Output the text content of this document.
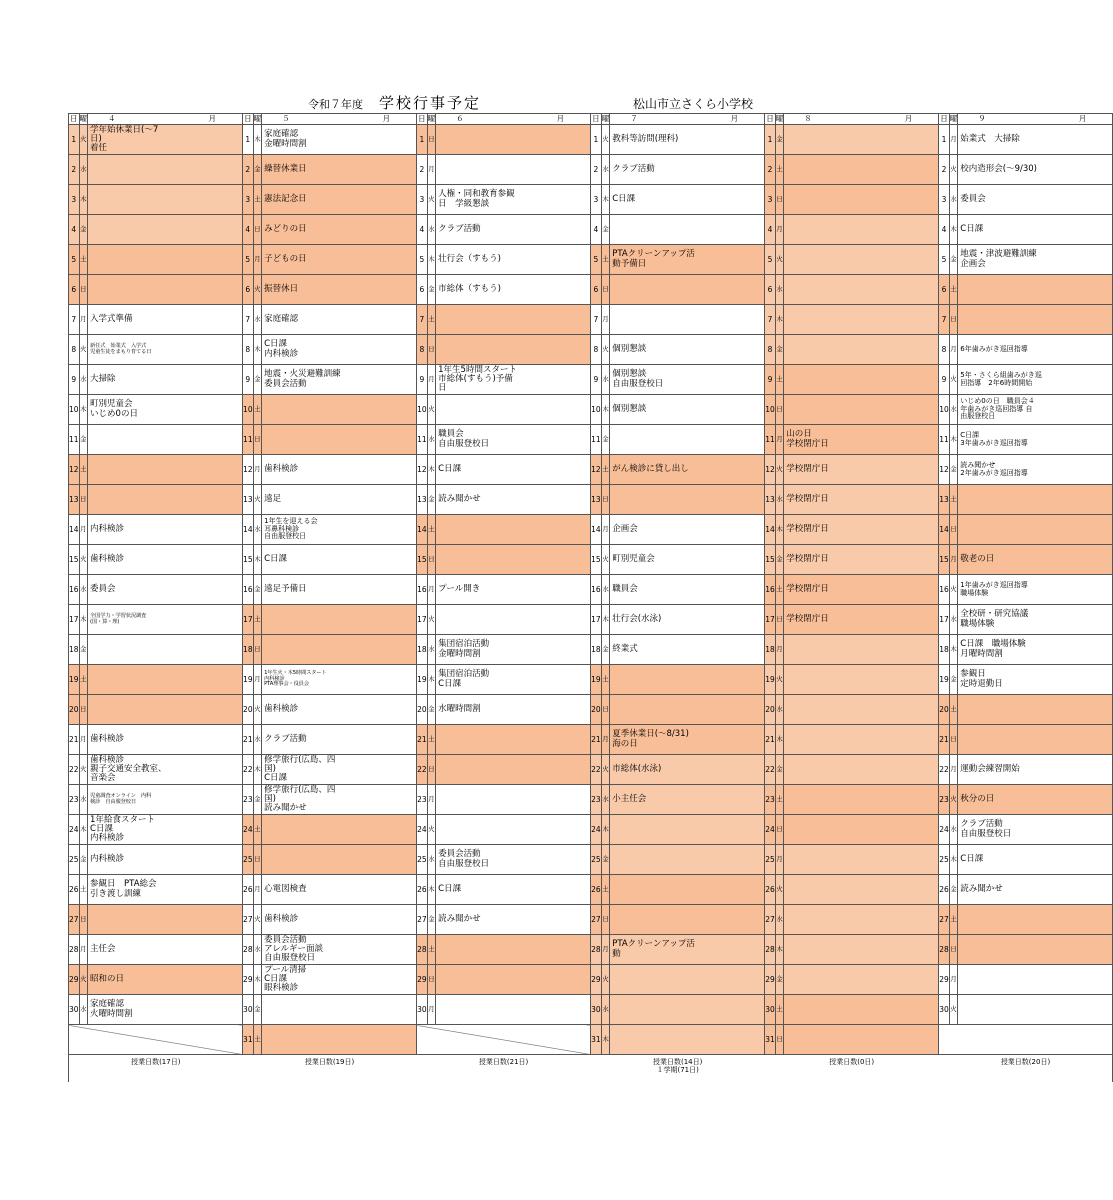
令和７年度 学校行事予定	松山市立さくら小学校
日	曜	４　　月	日	曜	５　　月	日	曜	６　　月	日	曜	７　　月	日	曜	８　　月	日	曜	９　　月
1	火	学年始休業日(～7
日)
着任	1	木	家庭確認
金曜時間割	1	日		1	火	教科等訪問(理科)	1	金		1	月	始業式　大掃除

2	水		2	金	繰替休業日	2	月		2	水	クラブ活動	2	土		2	火	校内造形会(～9/30)

3	木		3	土	憲法記念日	3	火	人権・同和教育参観
日　学級懇談	3	木	C日課	3	日		3	水	委員会

4	金		4	日	みどりの日	4	水	クラブ活動	4	金		4	月		4	木	C日課

5	土		5	月	子どもの日	5	木	壮行会（すもう)	5	土	PTAクリーンアップ活
動予備日	5	火		5	金	地震・津波避難訓練
企画会

6	日		6	火	振替休日	6	金	市総体（すもう)	6	日		6	水		6	土	

7	月	入学式準備	7	水	家庭確認	7	土		7	月		7	木		7	日	

8	火	新任式　始業式　入学式
児童生徒をまもり育てる日	8	木	C日課
内科検診	8	日		8	火	個別懇談	8	金		8	月	6年歯みがき巡回指導

9	水	大掃除	9	金	地震・火災避難訓練
委員会活動	9	月	1年生5時間スタート
市総体(すもう)予備
日	9	水	個別懇談
自由服登校日	9	土		9	火	5年・さくら組歯みがき巡
回指導　2年6時間開始

10	木	町別児童会
いじめ0の日	10	土		10	火		10	木	個別懇談	10	日		10	水	いじめ0の日　職員会４
年歯みがき巡回指導 自
由服登校日

11	金		11	日		11	水	職員会
自由服登校日	11	金		11	月	山の日
学校閉庁日	11	木	C日課
3年歯みがき巡回指導

12	土		12	月	歯科検診	12	木	C日課	12	土	がん検診に貸し出し	12	火	学校閉庁日	12	金	読み聞かせ
2年歯みがき巡回指導

13	日		13	火	遠足	13	金	読み聞かせ	13	日		13	水	学校閉庁日	13	土	

14	月	内科検診	14	水	1年生を迎える会
耳鼻科検診
自由服登校日	14	土		14	月	企画会	14	木	学校閉庁日	14	日	

15	火	歯科検診	15	木	C日課	15	日		15	火	町別児童会	15	金	学校閉庁日	15	月	敬老の日

16	水	委員会	16	金	遠足予備日	16	月	プール開き	16	水	職員会	16	土	学校閉庁日	16	火	1年歯みがき巡回指導
職場体験

17	木	全国学力・学習状況調査
(国・算・理)	17	土		17	火		17	木	壮行会(水泳)	17	日	学校閉庁日	17	水	全校研・研究協議
職場体験

18	金		18	日		18	水	集団宿泊活動
金曜時間割	18	金	終業式	18	月		18	木	C日課　職場体験
月曜時間割

19	土		19	月	1年生火・木5時間スタート
内科検診
PTA理事会・役員会	19	木	集団宿泊活動
C日課	19	土		19	火		19	金	参観日
定時退勤日

20	日		20	火	歯科検診	20	金	水曜時間割	20	日		20	水		20	土	

21	月	歯科検診	21	水	クラブ活動	21	土		21	月	夏季休業日(～8/31)
海の日	21	木		21	日	

22	火	歯科検診
親子交通安全教室、
音楽会	22	木	修学旅行(広島、四
国)
C日課	22	日		22	火	市総体(水泳)	22	金		22	月	運動会練習開始

23	水	児童調査オンライン　内科
検診　自由服登校日	23	金	修学旅行(広島、四
国)
読み聞かせ	23	月		23	水	小主任会	23	土		23	火	秋分の日

24	木	1年給食スタート
C日課
内科検診	24	土		24	火		24	木		24	日		24	水	クラブ活動
自由服登校日

25	金	内科検診	25	日		25	水	委員会活動
自由服登校日	25	金		25	月		25	木	C日課

26	土	参観日　PTA総会
引き渡し訓練	26	月	心電図検査	26	木	C日課	26	土		26	火		26	金	読み聞かせ

27	日		27	火	歯科検診	27	金	読み聞かせ	27	日		27	水		27	土	

28	月	主任会	28	水	委員会活動
アレルギー面談
自由服登校日	28	土		28	月	PTAクリーンアップ活
動	28	木		28	日	

29	火	昭和の日	29	木	プール清掃
C日課
眼科検診	29	日		29	火		29	金		29	月	

30	水	家庭確認
火曜時間割	30	金		30	月		30	水		30	土		30	火	

			31	土					31	木		31	日			

授業日数(17日)			授業日数(19日)			授業日数(21日)			授業日数(14日)
１学期(71日)			授業日数(0日)			授業日数(20日)		
